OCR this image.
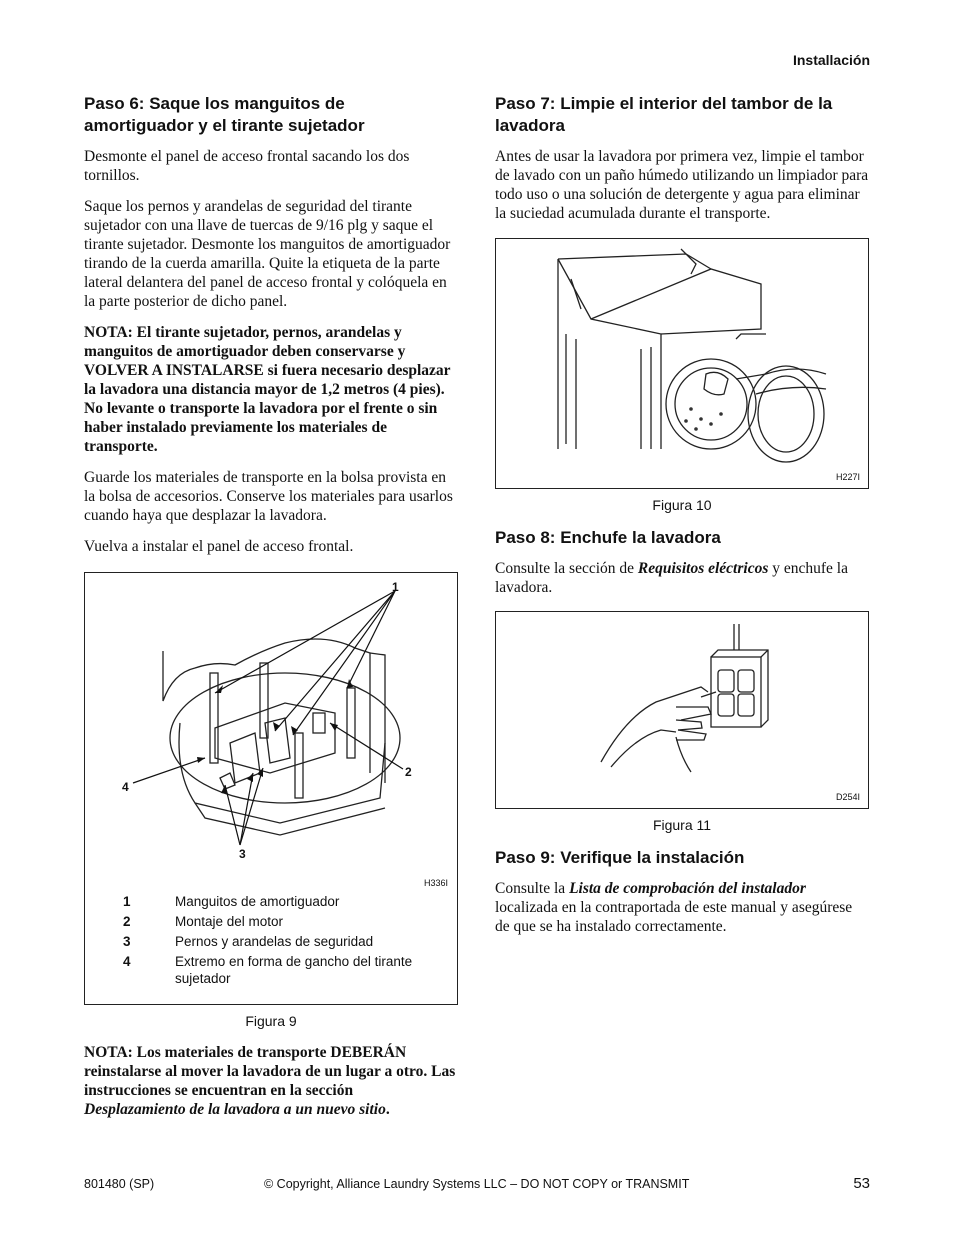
Installación
Paso 6: Saque los manguitos de amortiguador y el tirante sujetador

Desmonte el panel de acceso frontal sacando los dos tornillos.

Saque los pernos y arandelas de seguridad del tirante sujetador con una llave de tuercas de 9/16 plg y saque el tirante sujetador. Desmonte los manguitos de amortiguador tirando de la cuerda amarilla. Quite la etiqueta de la parte lateral delantera del panel de acceso frontal y colóquela en la parte posterior de dicho panel.

NOTA: El tirante sujetador, pernos, arandelas y manguitos de amortiguador deben conservarse y VOLVER A INSTALARSE si fuera necesario desplazar la lavadora una distancia mayor de 1,2 metros (4 pies). No levante o transporte la lavadora por el frente o sin haber instalado previamente los materiales de transporte.

Guarde los materiales de transporte en la bolsa provista en la bolsa de accesorios. Conserve los materiales para usarlos cuando haya que desplazar la lavadora.

Vuelva a instalar el panel de acceso frontal.

1
2
3
4
H336I
1	Manguitos de amortiguador
2	Montaje del motor
3	Pernos y arandelas de seguridad
4	Extremo en forma de gancho del tirante sujetador
Figura 9

NOTA: Los materiales de transporte DEBERÁN reinstalarse al mover la lavadora de un lugar a otro. Las instrucciones se encuentran en la sección Desplazamiento de la lavadora a un nuevo sitio.

Paso 7: Limpie el interior del tambor de la lavadora

Antes de usar la lavadora por primera vez, limpie el tambor de lavado con un paño húmedo utilizando un limpiador para todo uso o una solución de detergente y agua para eliminar la suciedad acumulada durante el transporte.

H227I
Figura 10
Paso 8: Enchufe la lavadora

Consulte la sección de Requisitos eléctricos y enchufe la lavadora.

D254I
Figura 11
Paso 9: Verifique la instalación

Consulte la Lista de comprobación del instalador localizada en la contraportada de este manual y asegúrese de que se ha instalado correctamente.

801480 (SP)	© Copyright, Alliance Laundry Systems LLC – DO NOT COPY or TRANSMIT	53
